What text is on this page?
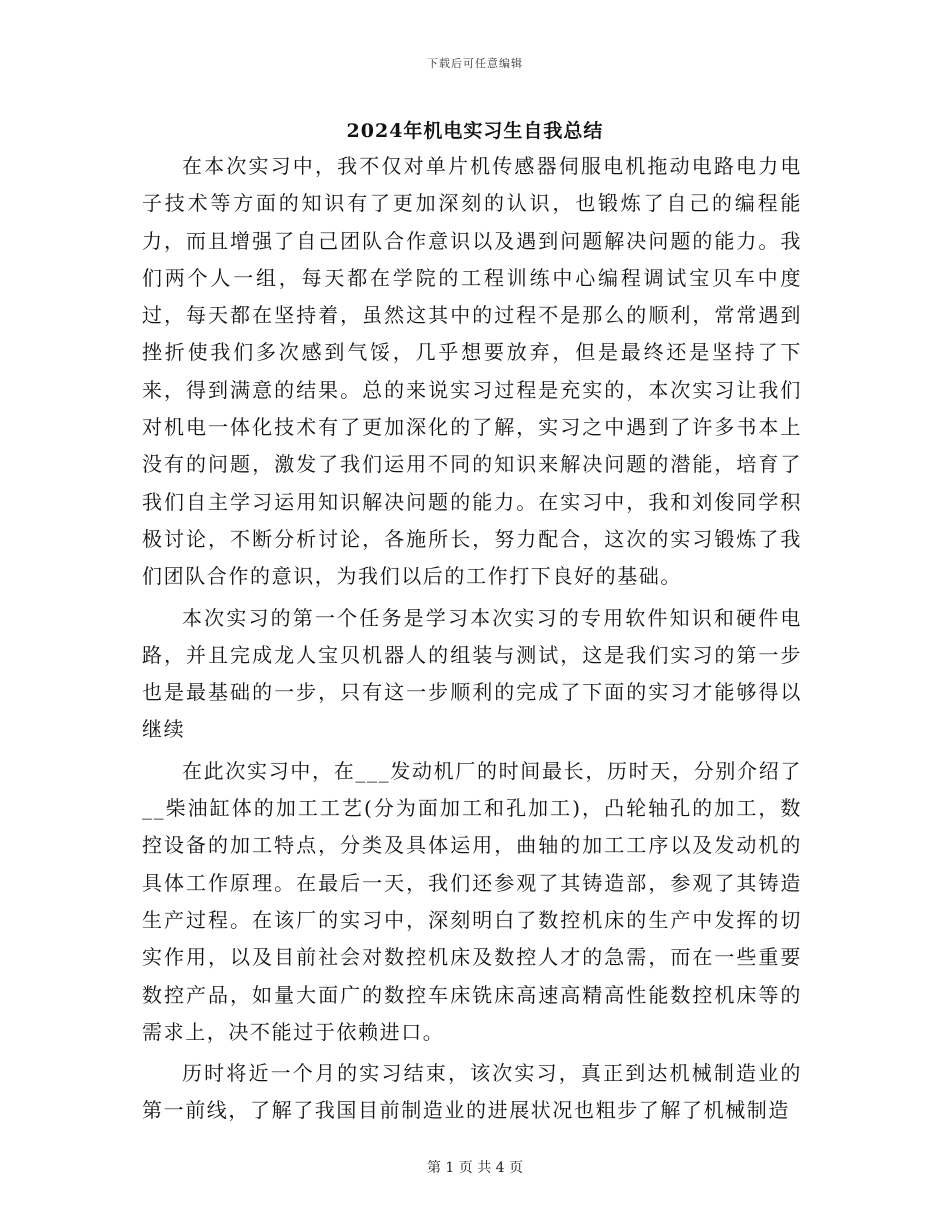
下载后可任意编辑
2024年机电实习生自我总结

在本次实习中，我不仅对单片机传感器伺服电机拖动电路电力电子技术等方面的知识有了更加深刻的认识，也锻炼了自己的编程能力，而且增强了自己团队合作意识以及遇到问题解决问题的能力。我们两个人一组，每天都在学院的工程训练中心编程调试宝贝车中度过，每天都在坚持着，虽然这其中的过程不是那么的顺利，常常遇到挫折使我们多次感到气馁，几乎想要放弃，但是最终还是坚持了下来，得到满意的结果。总的来说实习过程是充实的，本次实习让我们对机电一体化技术有了更加深化的了解，实习之中遇到了许多书本上没有的问题，激发了我们运用不同的知识来解决问题的潜能，培育了我们自主学习运用知识解决问题的能力。在实习中，我和刘俊同学积极讨论，不断分析讨论，各施所长，努力配合，这次的实习锻炼了我们团队合作的意识，为我们以后的工作打下良好的基础。

本次实习的第一个任务是学习本次实习的专用软件知识和硬件电路，并且完成龙人宝贝机器人的组装与测试，这是我们实习的第一步也是最基础的一步，只有这一步顺利的完成了下面的实习才能够得以继续

在此次实习中，在___发动机厂的时间最长，历时天，分别介绍了__柴油缸体的加工工艺(分为面加工和孔加工)，凸轮轴孔的加工，数控设备的加工特点，分类及具体运用，曲轴的加工工序以及发动机的具体工作原理。在最后一天，我们还参观了其铸造部，参观了其铸造生产过程。在该厂的实习中，深刻明白了数控机床的生产中发挥的切实作用，以及目前社会对数控机床及数控人才的急需，而在一些重要数控产品，如量大面广的数控车床铣床高速高精高性能数控机床等的需求上，决不能过于依赖进口。

历时将近一个月的实习结束，该次实习，真正到达机械制造业的第一前线，了解了我国目前制造业的进展状况也粗步了解了机械制造

第 1 页 共 4 页
